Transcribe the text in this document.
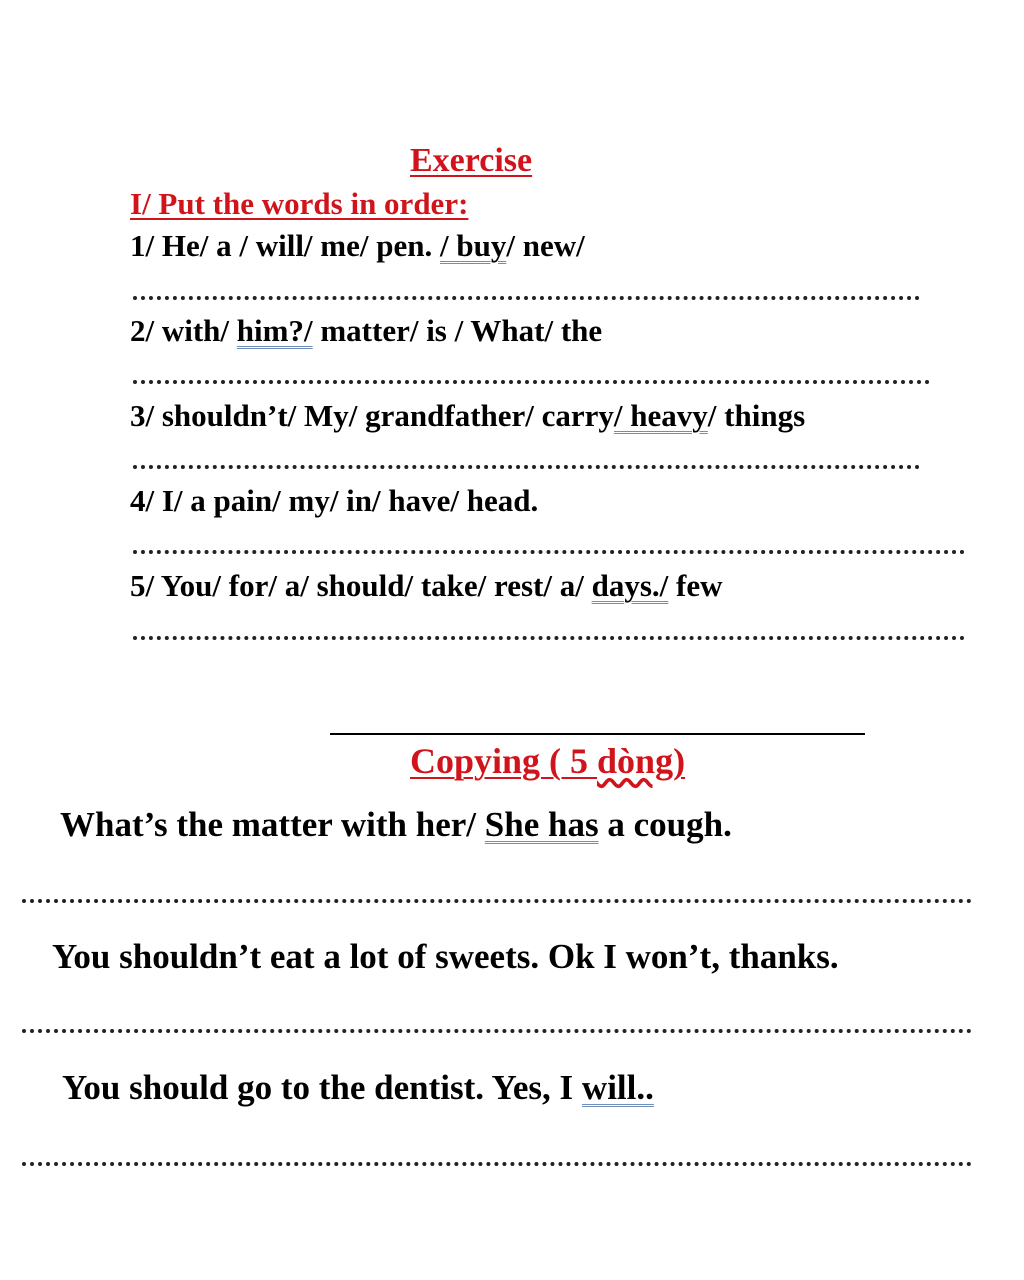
Exercise
I/ Put the words in order:
1/ He/ a / will/ me/ pen. / buy/ new/
2/ with/ him?/ matter/ is / What/ the
3/ shouldn’t/ My/ grandfather/ carry/ heavy/ things
4/ I/ a pain/ my/ in/ have/ head.
5/ You/ for/ a/ should/ take/ rest/ a/ days./ few
Copying ( 5 dòng)
What’s the matter with her/ She has a cough.
You shouldn’t eat a lot of sweets. Ok I won’t, thanks.
You should go to the dentist. Yes, I will..
